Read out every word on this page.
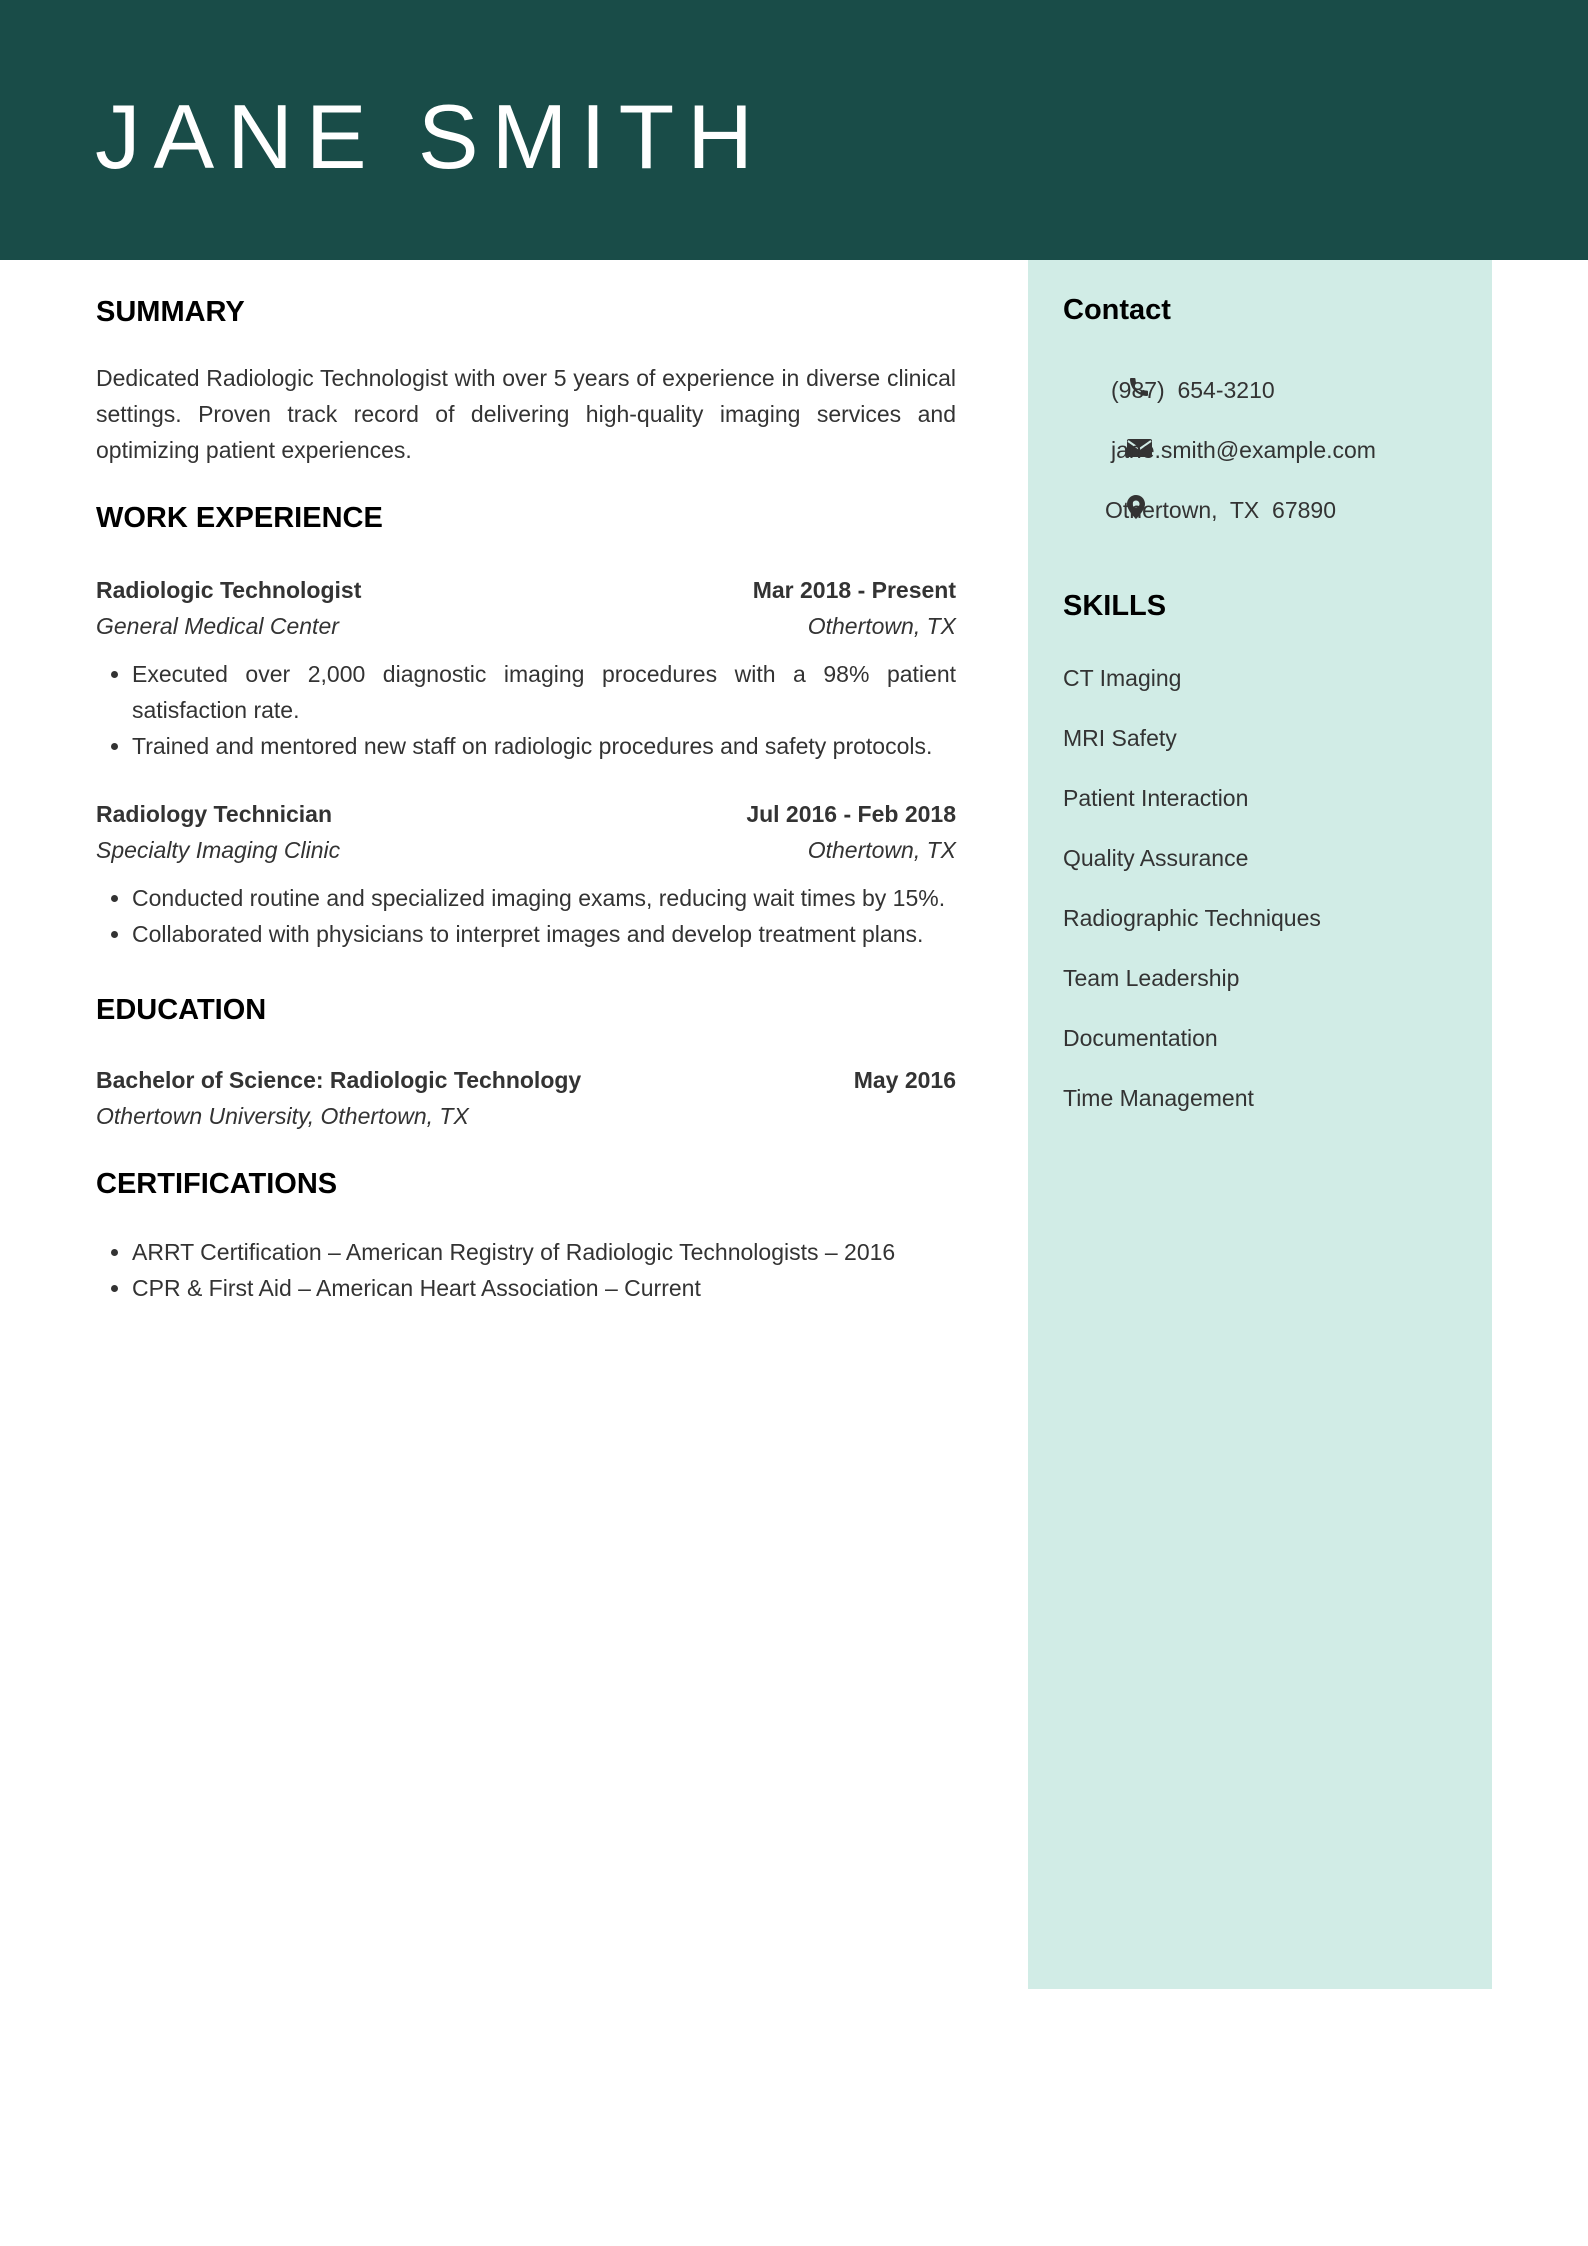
JANE SMITH
SUMMARY

Dedicated Radiologic Technologist with over 5 years of experience in diverse clinical settings. Proven track record of delivering high-quality imaging services and optimizing patient experiences.

WORK EXPERIENCE
Radiologic Technologist	Mar 2018 - Present
General Medical Center	Othertown, TX
• Executed over 2,000 diagnostic imaging procedures with a 98% patient satisfaction rate.
• Trained and mentored new staff on radiologic procedures and safety protocols.
Radiology Technician	Jul 2016 - Feb 2018
Specialty Imaging Clinic	Othertown, TX
• Conducted routine and specialized imaging exams, reducing wait times by 15%.
• Collaborated with physicians to interpret images and develop treatment plans.
EDUCATION
Bachelor of Science: Radiologic Technology	May 2016
Othertown University, Othertown, TX
CERTIFICATIONS
• ARRT Certification – American Registry of Radiologic Technologists – 2016
• CPR & First Aid – American Heart Association – Current
Contact

(987)  654-3210

jane.smith@example.com

Othertown,  TX  67890
SKILLS
CT Imaging
MRI Safety
Patient Interaction
Quality Assurance
Radiographic Techniques
Team Leadership
Documentation
Time Management
